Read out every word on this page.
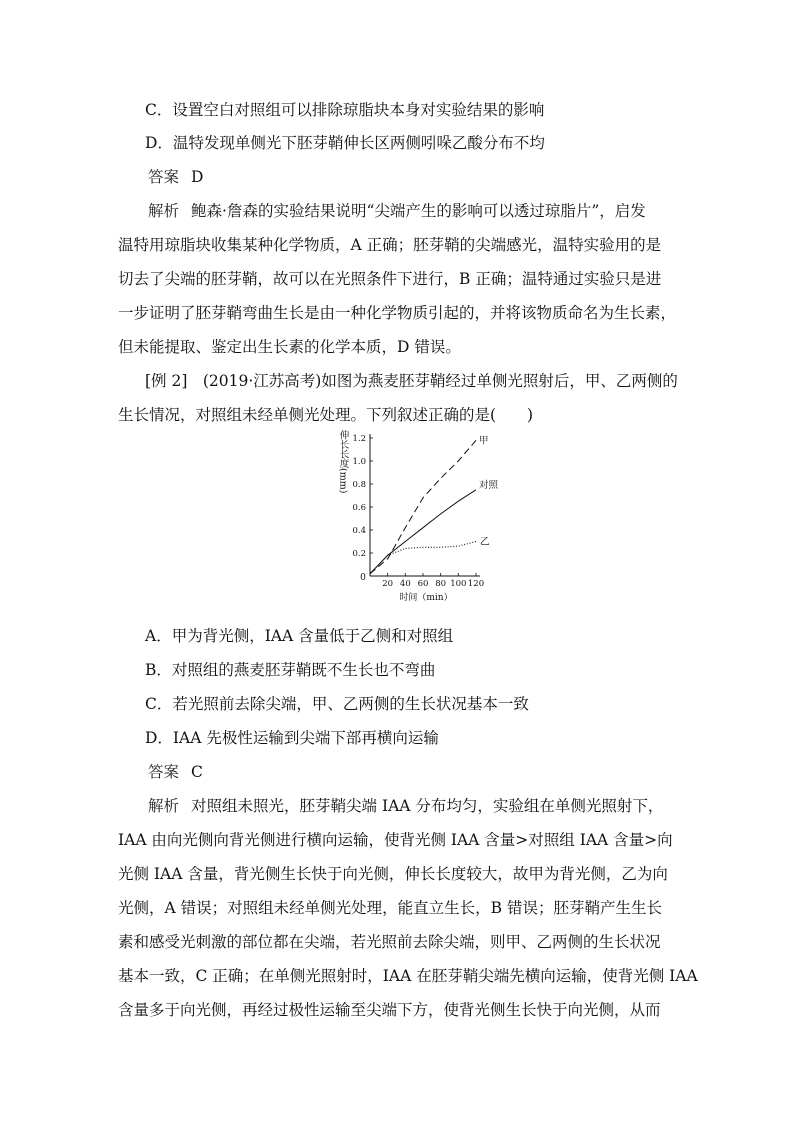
C．设置空白对照组可以排除琼脂块本身对实验结果的影响
D．温特发现单侧光下胚芽鞘伸长区两侧吲哚乙酸分布不均
答案 D
解析 鲍森·詹森的实验结果说明“尖端产生的影响可以透过琼脂片”，启发
温特用琼脂块收集某种化学物质，A 正确；胚芽鞘的尖端感光，温特实验用的是
切去了尖端的胚芽鞘，故可以在光照条件下进行，B 正确；温特通过实验只是进
一步证明了胚芽鞘弯曲生长是由一种化学物质引起的，并将该物质命名为生长素，
但未能提取、鉴定出生长素的化学本质，D 错误。
[例 2]　(2019·江苏高考)如图为燕麦胚芽鞘经过单侧光照射后，甲、乙两侧的
生长情况，对照组未经单侧光处理。下列叙述正确的是(　　)
0
0.2
0.4
0.6
0.8
1.0
1.2
20 40 60 80 100 120
时间（min）
伸长长度(mm)	甲
对照
乙
A．甲为背光侧，IAA 含量低于乙侧和对照组
B．对照组的燕麦胚芽鞘既不生长也不弯曲
C．若光照前去除尖端，甲、乙两侧的生长状况基本一致
D．IAA 先极性运输到尖端下部再横向运输
答案 C
解析 对照组未照光，胚芽鞘尖端 IAA 分布均匀，实验组在单侧光照射下，
IAA 由向光侧向背光侧进行横向运输，使背光侧 IAA 含量>对照组 IAA 含量>向
光侧 IAA 含量，背光侧生长快于向光侧，伸长长度较大，故甲为背光侧，乙为向
光侧，A 错误；对照组未经单侧光处理，能直立生长，B 错误；胚芽鞘产生生长
素和感受光刺激的部位都在尖端，若光照前去除尖端，则甲、乙两侧的生长状况
基本一致，C 正确；在单侧光照射时，IAA 在胚芽鞘尖端先横向运输，使背光侧 IAA
含量多于向光侧，再经过极性运输至尖端下方，使背光侧生长快于向光侧，从而
